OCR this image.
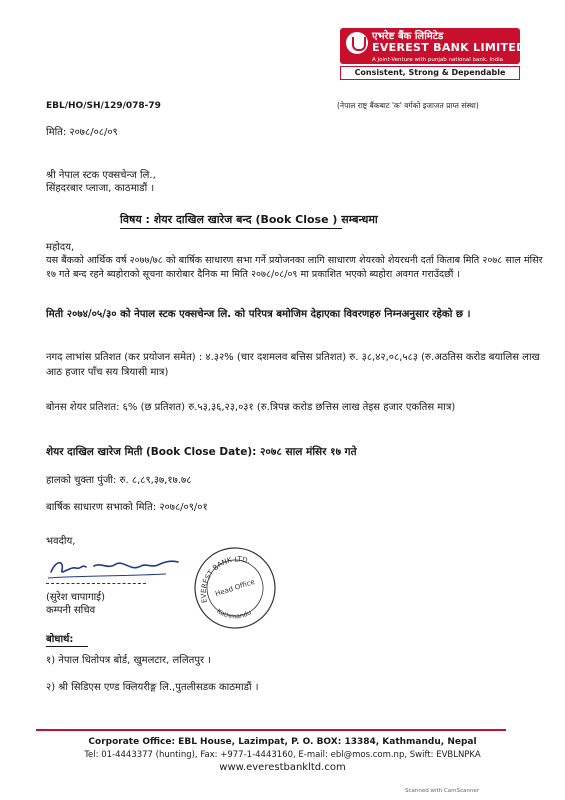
एभरेष्ट बैंक लिमिटेड
EVEREST BANK LIMITED
A Joint-Venture with punjab national bank, India
Consistent, Strong & Dependable
(नेपाल राष्ट्र बैंकबाट 'क' वर्गको इजाजत प्राप्त संस्था)
EBL/HO/SH/129/078-79
मिति: २०७८/०८/०९
श्री नेपाल स्टक एक्सचेन्ज लि.,
सिंहदरबार प्लाजा, काठमाडौं ।
विषय : शेयर दाखिल खारेज बन्द (Book Close ) सम्बन्धमा
महोदय,
यस बैंकको आर्थिक वर्ष २०७७/७८ को बार्षिक साधारण सभा गर्ने प्रयोजनका लागि साधारण शेयरको शेयरधनी दर्ता किताब मिति २०७८ साल मंसिर १७ गते बन्द रहने ब्यहोराको सूचना कारोबार दैनिक मा मिति २०७८/०८/०९ मा प्रकाशित भएको ब्यहोरा अवगत गराउँदछौं ।
मिती २०७४/०५/३० को नेपाल स्टक एक्सचेन्ज लि. को परिपत्र बमोजिम देहाएका विवरणहरु निम्नअनुसार रहेको छ ।
नगद लाभांस प्रतिशत (कर प्रयोजन समेत) : ४.३२% (चार दशमलव बत्तिस प्रतिशत) रु. ३८,४२,०८,५८३ (रु.अठतिस करोड बयालिस लाख आठ हजार पाँच सय त्रियासी मात्र)
बोनस शेयर प्रतिशत: ६% (छ प्रतिशत) रु.५३,३६,२३,०३१ (रु.त्रिपन्न करोड छत्तिस लाख तेइस हजार एकतिस मात्र)
शेयर दाखिल खारेज मिती (Book Close Date): २०७८ साल मंसिर १७ गते
हालको चुक्ता पुंजी: रु. ८,८९,३७,१७.७८
बार्षिक साधारण सभाको मिति: २०७८/०९/०१
भवदीय,
(सुरेश चापागाई)
कम्पनी सचिव
EVEREST BANK LTD.
Head Office
Kathmandu
बोधार्थ:
१) नेपाल धितोपत्र बोर्ड, खुमलटार, ललितपुर ।
२) श्री सिडिएस एण्ड क्लियरीङ्ग लि.,पुतलीसडक काठमाडौं ।
Corporate Office: EBL House, Lazimpat, P. O. BOX: 13384, Kathmandu, Nepal
Tel: 01-4443377 (hunting), Fax: +977-1-4443160, E-mail: ebl@mos.com.np, Swift: EVBLNPKA
www.everestbankltd.com
Scanned with CamScanner
